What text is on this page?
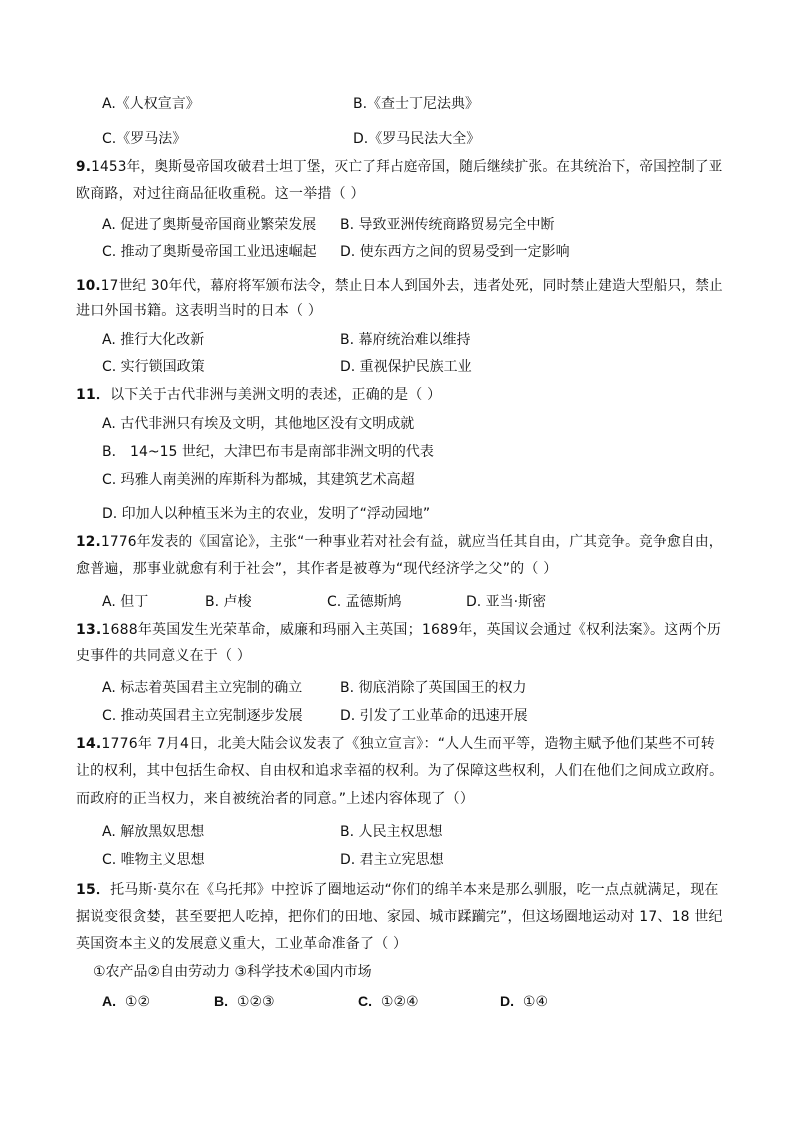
A.《人权宣言》	B.《查士丁尼法典》
C.《罗马法》	D.《罗马民法大全》
9.1453年，奥斯曼帝国攻破君士坦丁堡，灭亡了拜占庭帝国，随后继续扩张。在其统治下，帝国控制了亚
欧商路，对过往商品征收重税。这一举措（ ）
A. 促进了奥斯曼帝国商业繁荣发展 B. 导致亚洲传统商路贸易完全中断
C. 推动了奥斯曼帝国工业迅速崛起 D. 使东西方之间的贸易受到一定影响
10.17世纪 30年代，幕府将军颁布法令，禁止日本人到国外去，违者处死，同时禁止建造大型船只，禁止
进口外国书籍。这表明当时的日本（ ）
A. 推行大化改新	B. 幕府统治难以维持
C. 实行锁国政策	D. 重视保护民族工业
11．以下关于古代非洲与美洲文明的表述，正确的是（ ）
A. 古代非洲只有埃及文明，其他地区没有文明成就
B． 14~15 世纪，大津巴布韦是南部非洲文明的代表
C. 玛雅人南美洲的库斯科为都城，其建筑艺术高超
D. 印加人以种植玉米为主的农业，发明了“浮动园地”
12.1776年发表的《国富论》，主张“一种事业若对社会有益，就应当任其自由，广其竞争。竞争愈自由，
愈普遍，那事业就愈有利于社会”，其作者是被尊为“现代经济学之父”的（ ）
A. 但丁	B. 卢梭	C. 孟德斯鸠	D. 亚当·斯密
13.1688年英国发生光荣革命，威廉和玛丽入主英国；1689年，英国议会通过《权利法案》。这两个历
史事件的共同意义在于（ ）
A. 标志着英国君主立宪制的确立	B. 彻底消除了英国国王的权力
C. 推动英国君主立宪制逐步发展	D. 引发了工业革命的迅速开展
14.1776年 7月4日，北美大陆会议发表了《独立宣言》：“人人生而平等，造物主赋予他们某些不可转
让的权利，其中包括生命权、自由权和追求幸福的权利。为了保障这些权利，人们在他们之间成立政府。
而政府的正当权力，来自被统治者的同意。”上述内容体现了（）
A. 解放黑奴思想	B. 人民主权思想
C. 唯物主义思想	D. 君主立宪思想
15．托马斯·莫尔在《乌托邦》中控诉了圈地运动“你们的绵羊本来是那么驯服，吃一点点就满足，现在
据说变很贪婪，甚至要把人吃掉，把你们的田地、家园、城市蹂躏完”，但这场圈地运动对 17、18 世纪
英国资本主义的发展意义重大，工业革命准备了（ ）
①农产品②自由劳动力 ③科学技术④国内市场
A. ①②	B. ①②③	C. ①②④	D. ①④
